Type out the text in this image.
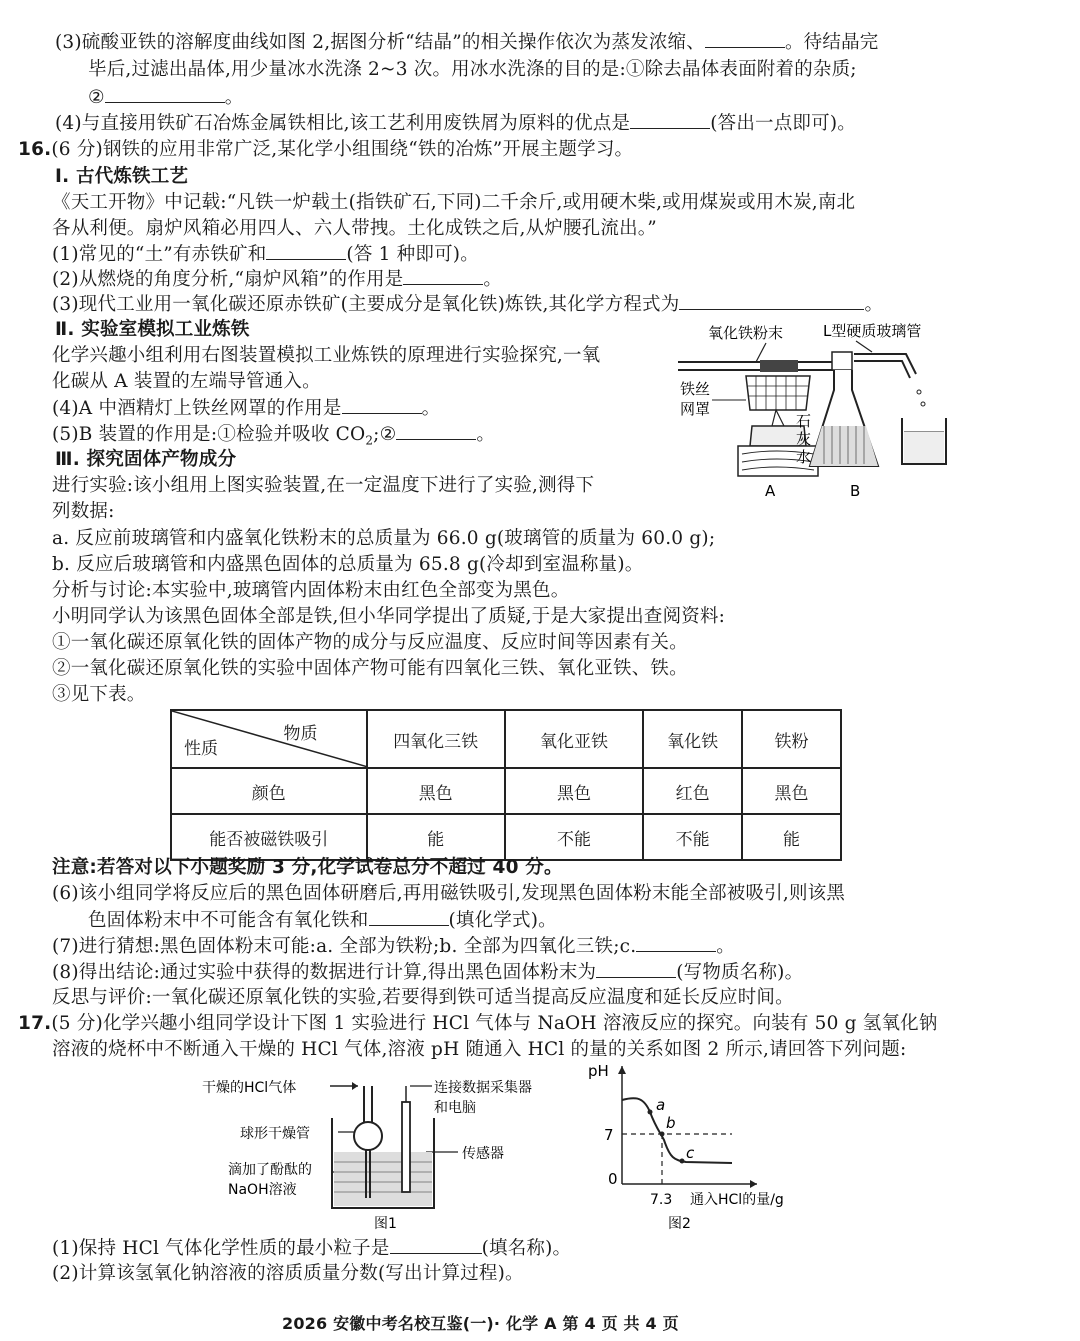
(3)硫酸亚铁的溶解度曲线如图 2,据图分析“结晶”的相关操作依次为蒸发浓缩、	。待结晶完
毕后,过滤出晶体,用少量冰水洗涤 2~3 次。用冰水洗涤的目的是:①除去晶体表面附着的杂质;
②	。
(4)与直接用铁矿石冶炼金属铁相比,该工艺利用废铁屑为原料的优点是	(答出一点即可)。
16.(6 分)钢铁的应用非常广泛,某化学小组围绕“铁的冶炼”开展主题学习。
Ⅰ. 古代炼铁工艺
《天工开物》中记载:“凡铁一炉载土(指铁矿石,下同)二千余斤,或用硬木柴,或用煤炭或用木炭,南北
各从利便。扇炉风箱必用四人、六人带拽。土化成铁之后,从炉腰孔流出。”
(1)常见的“土”有赤铁矿和	(答 1 种即可)。
(2)从燃烧的角度分析,“扇炉风箱”的作用是	。
(3)现代工业用一氧化碳还原赤铁矿(主要成分是氧化铁)炼铁,其化学方程式为	。
Ⅱ. 实验室模拟工业炼铁
化学兴趣小组利用右图装置模拟工业炼铁的原理进行实验探究,一氧
化碳从 A 装置的左端导管通入。
(4)A 中酒精灯上铁丝网罩的作用是	。
(5)B 装置的作用是:①检验并吸收 $CO_2;②$	。
Ⅲ. 探究固体产物成分
进行实验:该小组用上图实验装置,在一定温度下进行了实验,测得下
列数据:
a. 反应前玻璃管和内盛氧化铁粉末的总质量为 66.0 g(玻璃管的质量为 60.0 g);
b. 反应后玻璃管和内盛黑色固体的总质量为 65.8 g(冷却到室温称量)。
分析与讨论:本实验中,玻璃管内固体粉末由红色全部变为黑色。
小明同学认为该黑色固体全部是铁,但小华同学提出了质疑,于是大家提出查阅资料:
①一氧化碳还原氧化铁的固体产物的成分与反应温度、反应时间等因素有关。
②一氧化碳还原氧化铁的实验中固体产物可能有四氧化三铁、氧化亚铁、铁。
③见下表。
氧化铁粉末	L型硬质玻璃管
铁丝
网罩
A
石
灰
水
B
物质
性质	四氧化三铁	氧化亚铁	氧化铁	铁粉
颜色	黑色	黑色	红色	黑色
能否被磁铁吸引	能	不能	不能	能
注意:若答对以下小题奖励 3 分,化学试卷总分不超过 40 分。
(6)该小组同学将反应后的黑色固体研磨后,再用磁铁吸引,发现黑色固体粉末能全部被吸引,则该黑
色固体粉末中不可能含有氧化铁和	(填化学式)。
(7)进行猜想:黑色固体粉末可能:a. 全部为铁粉;b. 全部为四氧化三铁;c.	。
(8)得出结论:通过实验中获得的数据进行计算,得出黑色固体粉末为	(写物质名称)。
反思与评价:一氧化碳还原氧化铁的实验,若要得到铁可适当提高反应温度和延长反应时间。
17.(5 分)化学兴趣小组同学设计下图 1 实验进行 HCl 气体与 NaOH 溶液反应的探究。向装有 50 g 氢氧化钠
溶液的烧杯中不断通入干燥的 HCl 气体,溶液 pH 随通入 HCl 的量的关系如图 2 所示,请回答下列问题:
干燥的HCl气体	连接数据采集器
和电脑
球形干燥管
传感器
滴加了酚酞的
NaOH溶液
图1
pH
7
0
a
b
c
7.3 通入HCl的量/g
图2
(1)保持 HCl 气体化学性质的最小粒子是	(填名称)。
(2)计算该氢氧化钠溶液的溶质质量分数(写出计算过程)。
2026 安徽中考名校互鉴(一)· 化学 A 第 4 页 共 4 页
